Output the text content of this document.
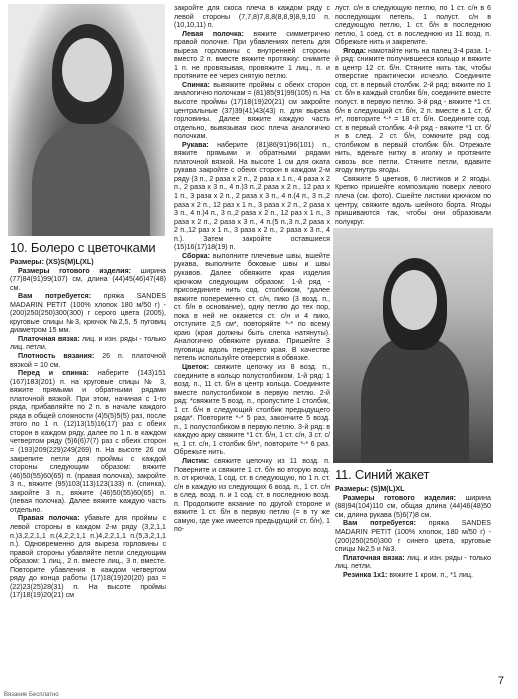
10. Болеро с цветочками

Размеры: (XS)S(M)L(XL)

Размеры готового изделия: ширина (77)84(91)99(107) см, длина (44)45(46)47(48) см.

Вам потребуется: пряжа SANDES MADARIN PETIT (100% хлопок 180 м/50 г) - (200)250(250)300(300) г серого цвета (2005), круговые спицы №3, крючок №2,5, 5 пуговиц диаметром 15 мм.

Платочная вязка: лиц. и изн. ряды - только лиц. петли.

Плотность вязания: 26 п. платочной вязкой = 10 см.

Перед и спинка: наберите (143)151 (167)183(201) п. на круговые спицы № 3, вяжите прямыми и обратными рядами платочной вязкой. При этом, начиная с 1-го ряда, прибавляйте по 2 п. в начале каждого ряда в общей сложности (4)5(5)5(5) раз, после этого по 1 п. (12)13(15)16(17) раз с обеих сторон в каждом ряду, далее по 1 п. в каждом четвертом ряду (5)6(6)7(7) раз с обеих сторон = (193)209(229)249(269) п. На высоте 26 см закрепите петли для проймы с каждой стороны следующим образом: вяжите (46)50(55)60(65) п. (правая полочка), закройте 3 п., вяжите (95)103(113)123(133) п. (спинка), закройте 3 п., вяжите (46)50(55)60(65) п. (левая полочка). Далее вяжите каждую часть отдельно.

Правая полочка: убавьте для проймы с левой стороны в каждом 2-м ряду (3,2,1,1 п.)3,2,2,1,1 п.(4,2,2,1,1 п.)4,2,2,1,1 п.(5,3,2,1,1 п.). Одновременно для выреза горловины с правой стороны убавляйте петли следующим образом: 1 лиц., 2 п. вместе лиц., 3 п. вместе. Повторите убавления в каждом четвертом ряду до конца работы (17)18(19)20(20) раз = (22)23(25)28(31) п. На высоте проймы (17)18(19)20(21) см

закройте для скоса плеча в каждом ряду с левой стороны (7,7,8)7,8,8(8,8,9)8,9,10 п.(10,10,11) п.

Левая полочка: вяжите симметрично правой полочке. При убавлениях петель для выреза горловины с внутренней стороны вместо 2 п. вместе вяжите протяжку: снимите 1 п. не провязывая, провяжите 1 лиц., п. и протяните ее через снятую петлю.

Спинка: вывяжите проймы с обеих сторон аналогично полочкам = (81)85(91)99(105) п. На высоте проймы (17)18(19)20(21) см закройте центральные (37)39(41)43(43) п. для выреза горловины. Далее вяжите каждую часть отдельно, вывязывая скос плеча аналогично полочкам.

Рукава: наберите (81)86(91)96(101) п., вяжите прямыми и обратными рядами платочной вязкой. На высоте 1 см для оката рукава закройте с обеих сторон в каждом 2-м ряду (3 п., 2 раза х 2 п., 2 раза х 1 п., 4 раза х 2 п., 2 раза х 3 п., 4 п.)3 п.,2 раза х 2 п., 12 раз х 1 п., 3 раза х 2 п., 2 раза х 3 п., 4 п.(4 п., 3 п.,2 раза х 2 п., 12 раз х 1 п., 3 раза х 2 п., 2 раза х 3 п., 4 п.)4 п., 3 п.,2 раза х 2 п., 12 раз х 1 п., 3 раза х 2 п., 2 раза х 3 п., 4 п.(5 п.,3 п.,2 раза х 2 п.,12 раз х 1 п., 3 раза х 2 п., 2 раза х 3 п., 4 п.). Затем закройте оставшиеся (15)16(17)18(19) п.

Сборка: выполните плечевые швы, вшейте рукава, выполните боковые швы и швы рукавов. Далее обвяжите края изделия крючком следующим образом: 1-й ряд - присоедините нить сод. столбиком, *далее вяжите попеременно ст. с/н, пико (3 возд. п., ст. б/н в основание), одну петлю до тех пор, пока в ней не окажется ст. с/н и 4 пико, отступите 2,5 см*, повторяйте *-* по всему краю (края должны быть слегка натянуты). Аналогично обвяжите рукава. Пришейте 3 пуговицы вдоль переднего края. В качестве петель используйте отверстия в обвязке.

Цветок: свяжите цепочку из 8 возд. п., соедините в кольцо полустолбиком. 1-й ряд: 1 возд. п., 11 ст. б/н в центр кольца. Соедините вместе полустолбиком в первую петлю. 2-й ряд: *свяжите 5 возд. п., пропустите 1 столбик, 1 ст. б/н в следующий столбик предыдущего ряда*. Повторите *-* 5 раз, закончите 5 возд. п., 1 полустолбиком в первую петлю. 3-й ряд: в каждую арку свяжите *1 ст. б/н, 1 ст. с/н, 3 ст. с/н, 1 ст. с/н, 1 столбик б/н*, повторите *-* 6 раз. Обрежьте нить.

Листик: свяжите цепочку из 11 возд. п. Поверните и свяжите 1 ст. б/н во вторую возд. п. от крючка, 1 сод. ст. в следующую, по 1 п. ст. с/н в каждую из следующих 6 возд. п., 1 ст. с/н в след. возд. п. и 1 сод. ст. в последнюю возд. п. Продолжите вязание по другой стороне и вяжите 1 ст. б/н в первую петлю (= в ту же самую, где уже имеется предыдущий ст. б/н), 1 по-

луст. с/н в следующую петлю, по 1 ст. с/н в 6 последующих петель, 1 полуст. с/н в следующую петлю, 1 ст. б/н в последнюю петлю, 1 соед. ст. в последнюю из 11 возд. п. Обрежьте нить и закрепите.

Ягода: намотайте нить на палец 3-4 раза. 1-й ряд: снимите получившееся кольцо и вяжите в центр 12 ст. б/н. Стяните нить так, чтобы отверстие практически исчезло. Соедините сод. ст. в первый столбик. 2-й ряд: вяжите по 1 ст. б/н в каждый столбик б/н, соедините вместе полуст. в первую петлю. 3-й ряд - вяжите *1 ст. б/н в следующий ст. б/н, 2 п. вместе в 1 ст. б/н*, повторите *-* = 18 ст. б/н. Соедините сод. ст. в первый столбик. 4-й ряд - вяжите *1 ст. б/н в след. 2 ст. б/н, сомкните ряд сод. столбиком в первый столбик б/н. Отрежьте нить, вденьте нитку в иголку и протяните сквозь все петли. Стяните петли, вдавите ягоду внутрь ягоды.

Свяжите 5 цветков, 6 листиков и 2 ягоды. Крепко пришейте композицию поверх левого плеча (см. фото). Сшейте листики крючком по центру, свяжите вдоль шейного борта. Ягоды пришиваются так, чтобы они образовали полукруг.

11. Синий жакет

Размеры: (S)M(L)XL

Размеры готового изделия: ширина (88)94(104)110 см, общая длина (44)46(48)50 см, длина рукава (5)6(7)8 см.

Вам потребуется: пряжа SANDES MADARIN PETIT (100% хлопок, 180 м/50 г) - (200)250(250)300 г синего цвета, круговые спицы №2,5 и №3.

Платочная вязка: лиц. и изн. ряды - только лиц. петли.

Резинка 1х1: вяжите 1 кром. п., *1 лиц.

7
Вязание Бесплатно
